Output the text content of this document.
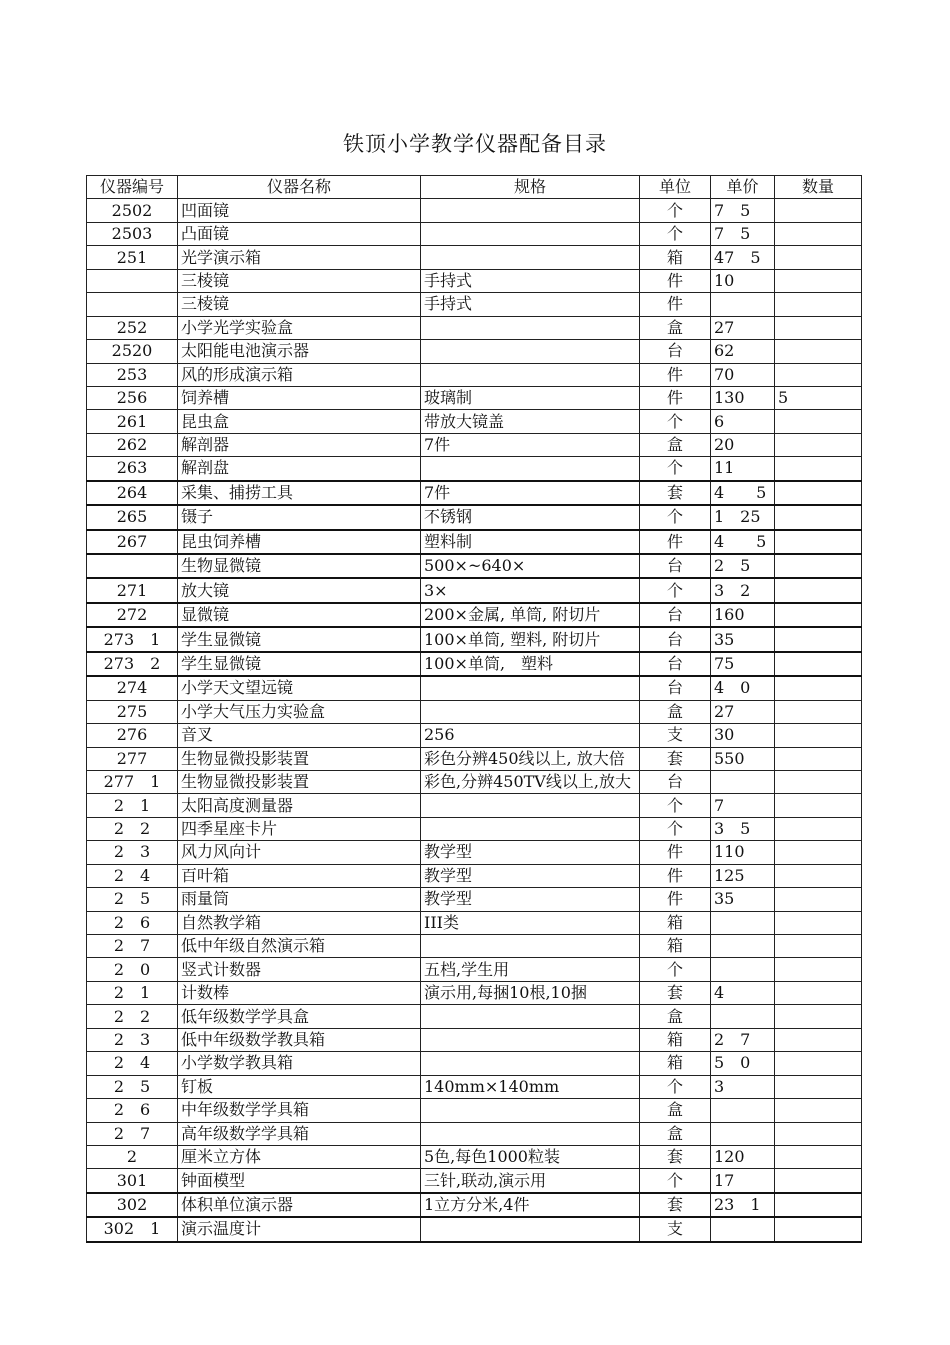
铁顶小学教学仪器配备目录
仪器编号	仪器名称	规格	单位	单价	数量
2502	凹面镜		个	7　5	
2503	凸面镜		个	7　5	
251	光学演示箱		箱	47　5	
	三棱镜	手持式	件	10	
	三棱镜	手持式	件		
252	小学光学实验盒		盒	27	
2520	太阳能电池演示器		台	62	
253	风的形成演示箱		件	70	
256	饲养槽	玻璃制	件	130	5
261	昆虫盒	带放大镜盖	个	6	
262	解剖器	7件	盒	20	
263	解剖盘		个	11	
264	采集、捕捞工具	7件	套	4　　5	
265	镊子	不锈钢	个	1　25	
267	昆虫饲养槽	塑料制	件	4　　5	
	生物显微镜	500×~640×	台	2　5	
271	放大镜	3×	个	3　2	
272	显微镜	200×金属, 单筒, 附切片	台	160	
273　1	学生显微镜	100×单筒, 塑料, 附切片	台	35	
273　2	学生显微镜	100×单筒,　塑料	台	75	
274	小学天文望远镜		台	4　0	
275	小学大气压力实验盒		盒	27	
276	音叉	256	支	30	
277	生物显微投影装置	彩色分辨450线以上, 放大倍	套	550	
277　1	生物显微投影装置	彩色,分辨450TV线以上,放大	台		
2　1	太阳高度测量器		个	7	
2　2	四季星座卡片		个	3　5	
2　3	风力风向计	教学型	件	110	
2　4	百叶箱	教学型	件	125	
2　5	雨量筒	教学型	件	35	
2　6	自然教学箱	III类	箱		
2　7	低中年级自然演示箱		箱		
2　0	竖式计数器	五档,学生用	个		
2　1	计数棒	演示用,每捆10根,10捆	套	4	
2　2	低年级数学学具盒		盒		
2　3	低中年级数学教具箱		箱	2　7	
2　4	小学数学教具箱		箱	5　0	
2　5	钉板	140mm×140mm	个	3	
2　6	中年级数学学具箱		盒		
2　7	高年级数学学具箱		盒		
2	厘米立方体	5色,每色1000粒装	套	120	
301	钟面模型	三针,联动,演示用	个	17	
302	体积单位演示器	1立方分米,4件	套	23　1	
302　1	演示温度计		支		
